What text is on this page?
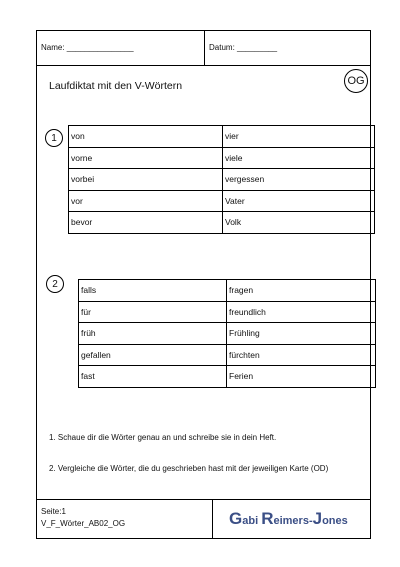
Name: _______________	Datum: _________
Laufdiktat mit den V-Wörtern	OG
1	von	vier
vorne	viele
vorbei	vergessen
vor	Vater
bevor	Volk
2
falls	fragen
für	freundlich
früh	Frühling
gefallen	fürchten
fast	Ferien
1. Schaue dir die Wörter genau an und schreibe sie in dein Heft.
2. Vergleiche die Wörter, die du geschrieben hast mit der jeweiligen Karte (OD)
Seite:1
V_F_Wörter_AB02_OG	Gabi Reimers-Jones
